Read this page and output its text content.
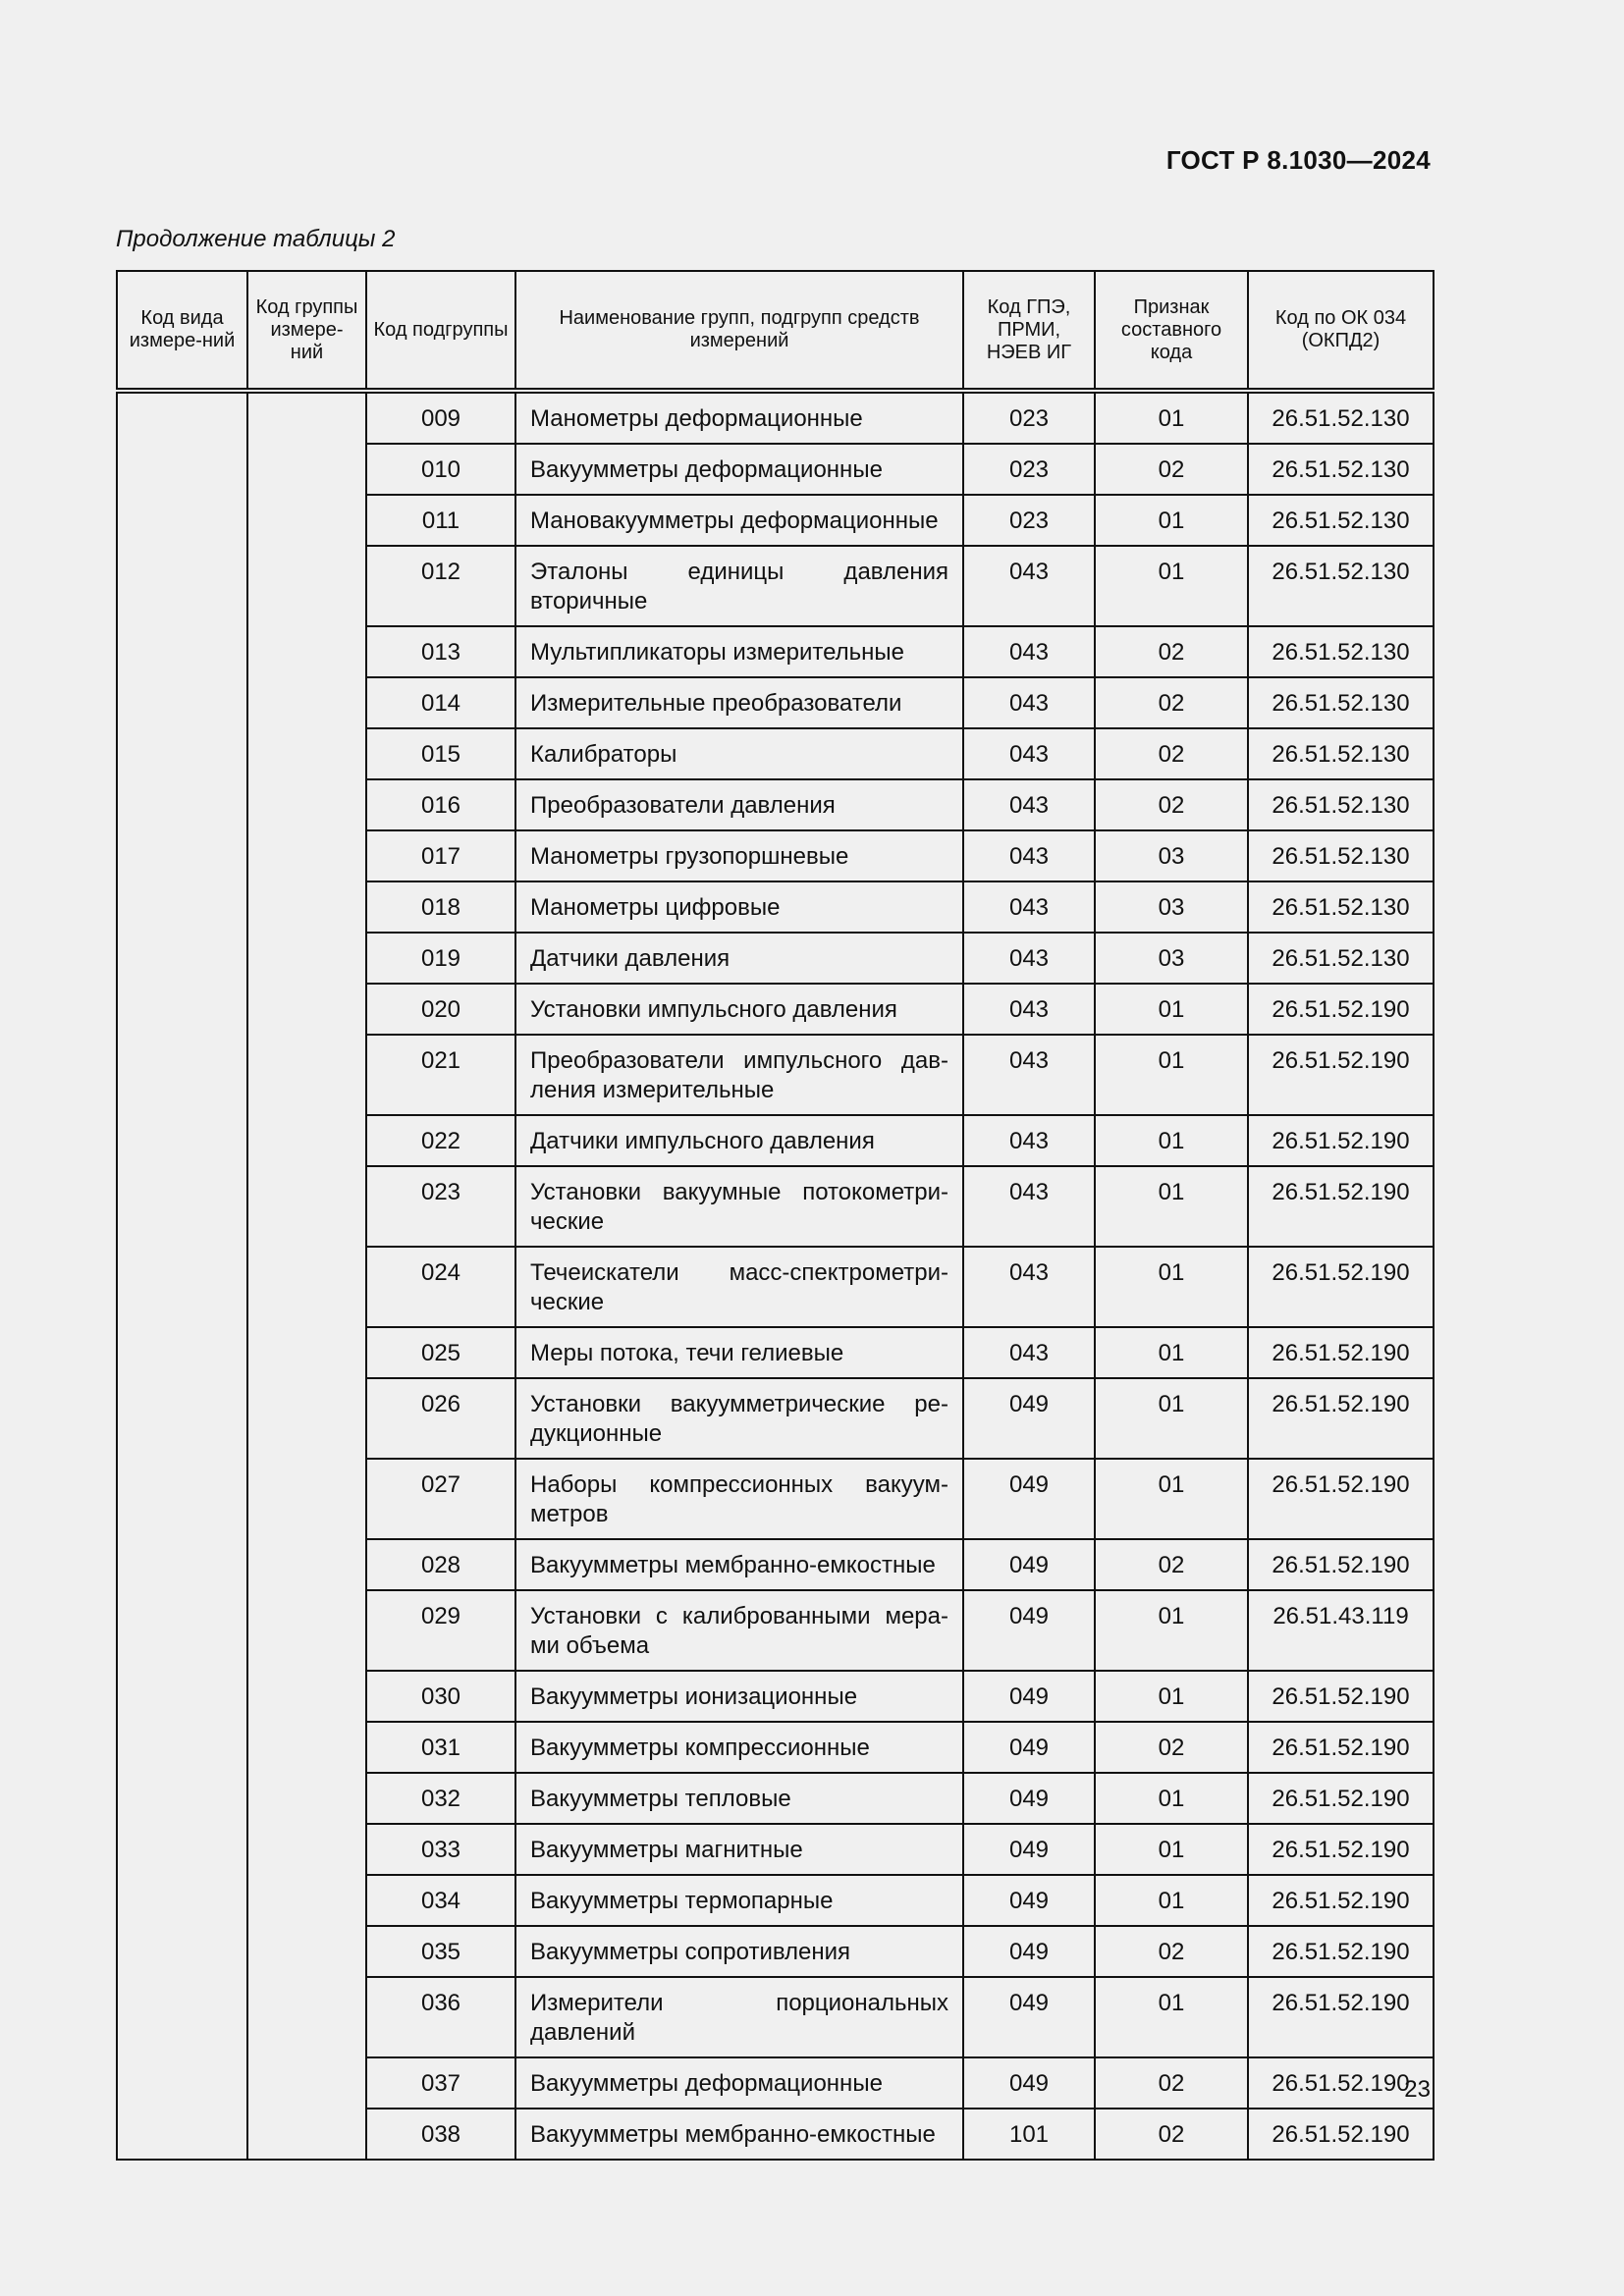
ГОСТ Р 8.1030—2024
Продолжение таблицы 2
Код вида измере-ний	Код группы измере-ний	Код подгруппы	Наименование групп, подгрупп средств измерений	Код ГПЭ, ПРМИ, НЭЕВ ИГ	Признак составного кода	Код по ОК 034 (ОКПД2)
		009	Манометры деформационные	023	01	26.51.52.130
		010	Вакуумметры деформационные	023	02	26.51.52.130
		011	Мановакуумметры деформационные	023	01	26.51.52.130
		012	Эталоны единицы давления вторичные	043	01	26.51.52.130
		013	Мультипликаторы измерительные	043	02	26.51.52.130
		014	Измерительные преобразователи	043	02	26.51.52.130
		015	Калибраторы	043	02	26.51.52.130
		016	Преобразователи давления	043	02	26.51.52.130
		017	Манометры грузопоршневые	043	03	26.51.52.130
		018	Манометры цифровые	043	03	26.51.52.130
		019	Датчики давления	043	03	26.51.52.130
		020	Установки импульсного давления	043	01	26.51.52.190
		021	Преобразователи импульсного дав-ления измерительные	043	01	26.51.52.190
		022	Датчики импульсного давления	043	01	26.51.52.190
		023	Установки вакуумные потокометри-ческие	043	01	26.51.52.190
		024	Течеискатели масс-спектрометри-ческие	043	01	26.51.52.190
		025	Меры потока, течи гелиевые	043	01	26.51.52.190
		026	Установки вакуумметрические ре-дукционные	049	01	26.51.52.190
		027	Наборы компрессионных вакуум-метров	049	01	26.51.52.190
		028	Вакуумметры мембранно-емкостные	049	02	26.51.52.190
		029	Установки с калиброванными мера-ми объема	049	01	26.51.43.119
		030	Вакуумметры ионизационные	049	01	26.51.52.190
		031	Вакуумметры компрессионные	049	02	26.51.52.190
		032	Вакуумметры тепловые	049	01	26.51.52.190
		033	Вакуумметры магнитные	049	01	26.51.52.190
		034	Вакуумметры термопарные	049	01	26.51.52.190
		035	Вакуумметры сопротивления	049	02	26.51.52.190
		036	Измерители порциональных давлений	049	01	26.51.52.190
		037	Вакуумметры деформационные	049	02	26.51.52.190
		038	Вакуумметры мембранно-емкостные	101	02	26.51.52.190
23
